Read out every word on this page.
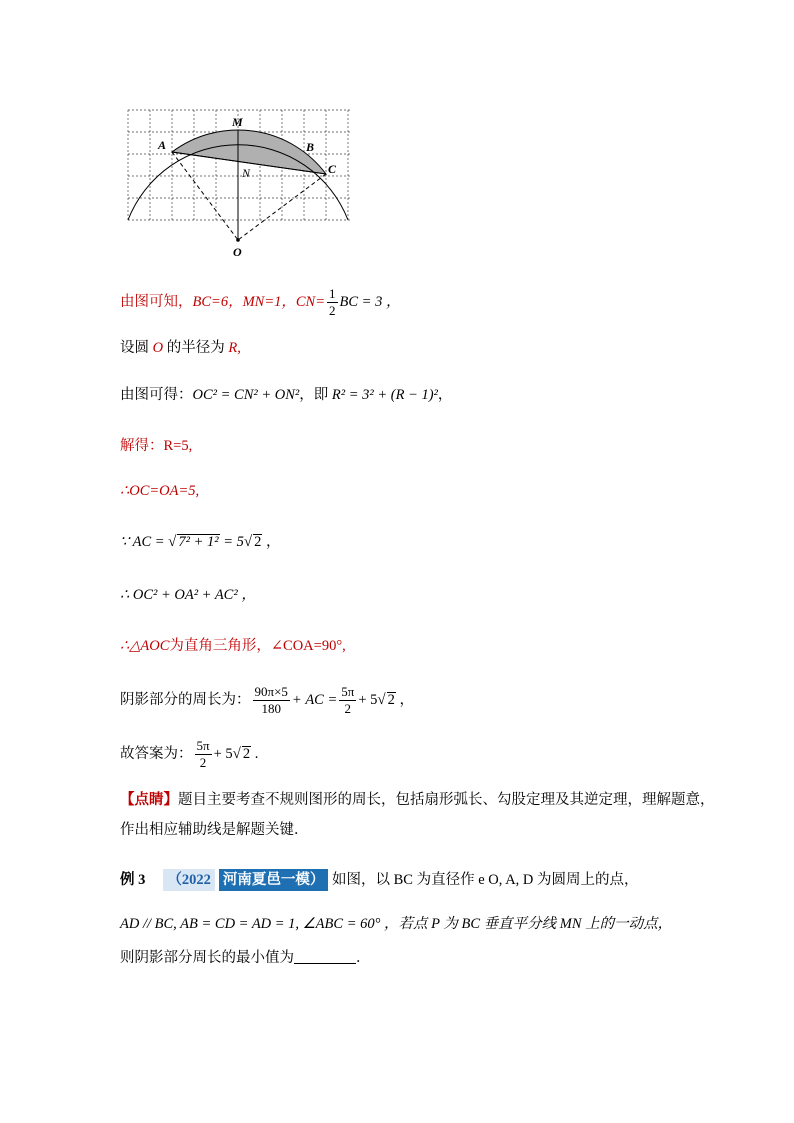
A
M
B
C
N
O
由图可知，BC=6，MN=1，$CN= \frac{1}{2}$ BC = 3 ，
设圆 O 的半径为 R,
由图可得：OC² = CN² + ON²，即 R² = 3² + (R − 1)²，
解得：R=5,
∴OC=OA=5,
∵ AC = √ 7² + 1² = 5√ 2 ，
∴ OC² + OA² + AC² ，
∴△AOC为直角三角形，∠COA=90°,
阴影部分的周长为： $\frac{90\pi\times 5}{180}$ + AC = $\frac{5\pi}{2} + 5√$ 2 ，
故答案为： $\frac{5\pi}{2} + 5√$ 2 .
【点睛】题目主要考查不规则图形的周长，包括扇形弧长、勾股定理及其逆定理，理解题意，
作出相应辅助线是解题关键．
例 3 （2022 河南夏邑一模） 如图，以 BC 为直径作 e O, A, D 为圆周上的点，
AD // BC, AB = CD = AD = 1, ∠ABC = 60° ，若点 P 为 BC 垂直平分线 MN 上的一动点，
则阴影部分周长的最小值为	．
